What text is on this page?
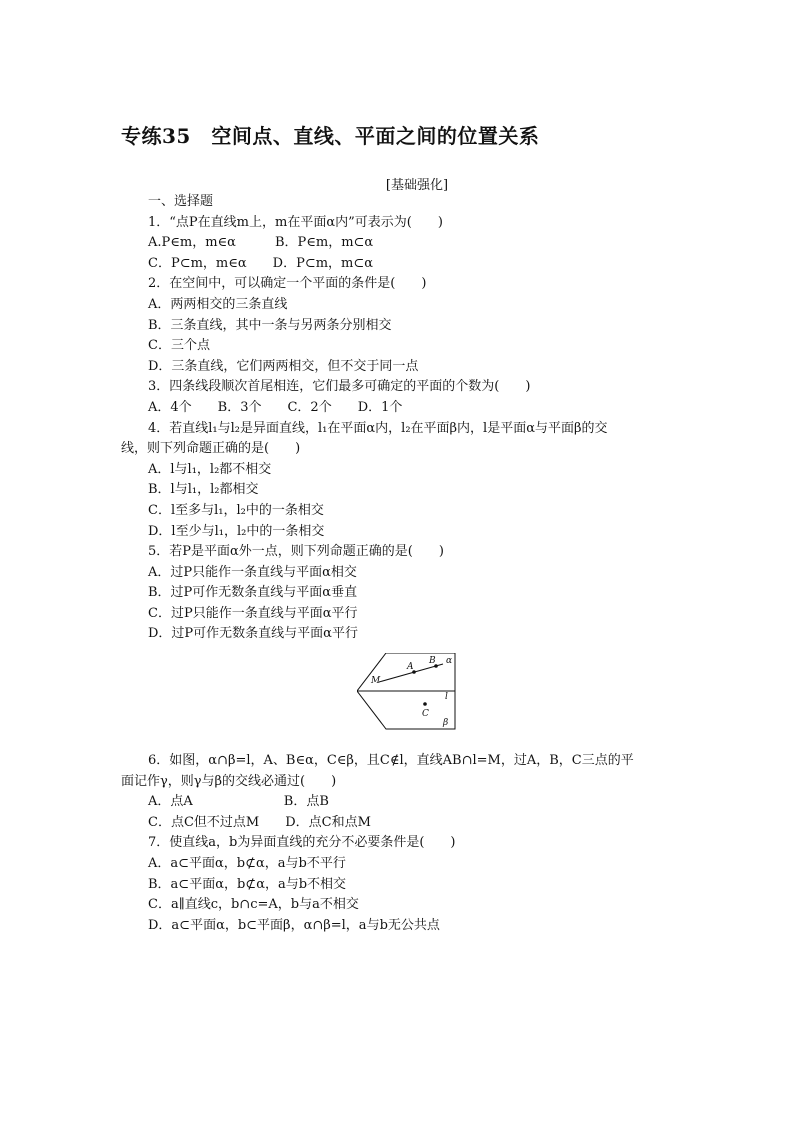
专练35　空间点、直线、平面之间的位置关系
[基础强化]
一、选择题
1．“点P在直线m上，m在平面α内”可表示为(　　)
A.P∈m，m∈α　　　B．P∈m，m⊂α
C．P⊂m，m∈α　　D．P⊂m，m⊂α
2．在空间中，可以确定一个平面的条件是(　　)
A．两两相交的三条直线
B．三条直线，其中一条与另两条分别相交
C．三个点
D．三条直线，它们两两相交，但不交于同一点
3．四条线段顺次首尾相连，它们最多可确定的平面的个数为(　　)
A．4个　　B．3个　　C．2个　　D．1个
4．若直线l₁与l₂是异面直线，l₁在平面α内，l₂在平面β内，l是平面α与平面β的交
线，则下列命题正确的是(　　)
A．l与l₁，l₂都不相交
B．l与l₁，l₂都相交
C．l至多与l₁，l₂中的一条相交
D．l至少与l₁，l₂中的一条相交
5．若P是平面α外一点，则下列命题正确的是(　　)
A．过P只能作一条直线与平面α相交
B．过P可作无数条直线与平面α垂直
C．过P只能作一条直线与平面α平行
D．过P可作无数条直线与平面α平行
A
B α
M
l
C
β
6．如图，α∩β=l，A、B∈α，C∈β，且C∉l，直线AB∩l=M，过A，B，C三点的平
面记作γ，则γ与β的交线必通过(　　)
A．点A　　　　　　　B．点B
C．点C但不过点M　　D．点C和点M
7．使直线a，b为异面直线的充分不必要条件是(　　)
A．a⊂平面α，b⊄α，a与b不平行
B．a⊂平面α，b⊄α，a与b不相交
C．a∥直线c，b∩c=A，b与a不相交
D．a⊂平面α，b⊂平面β，α∩β=l，a与b无公共点
